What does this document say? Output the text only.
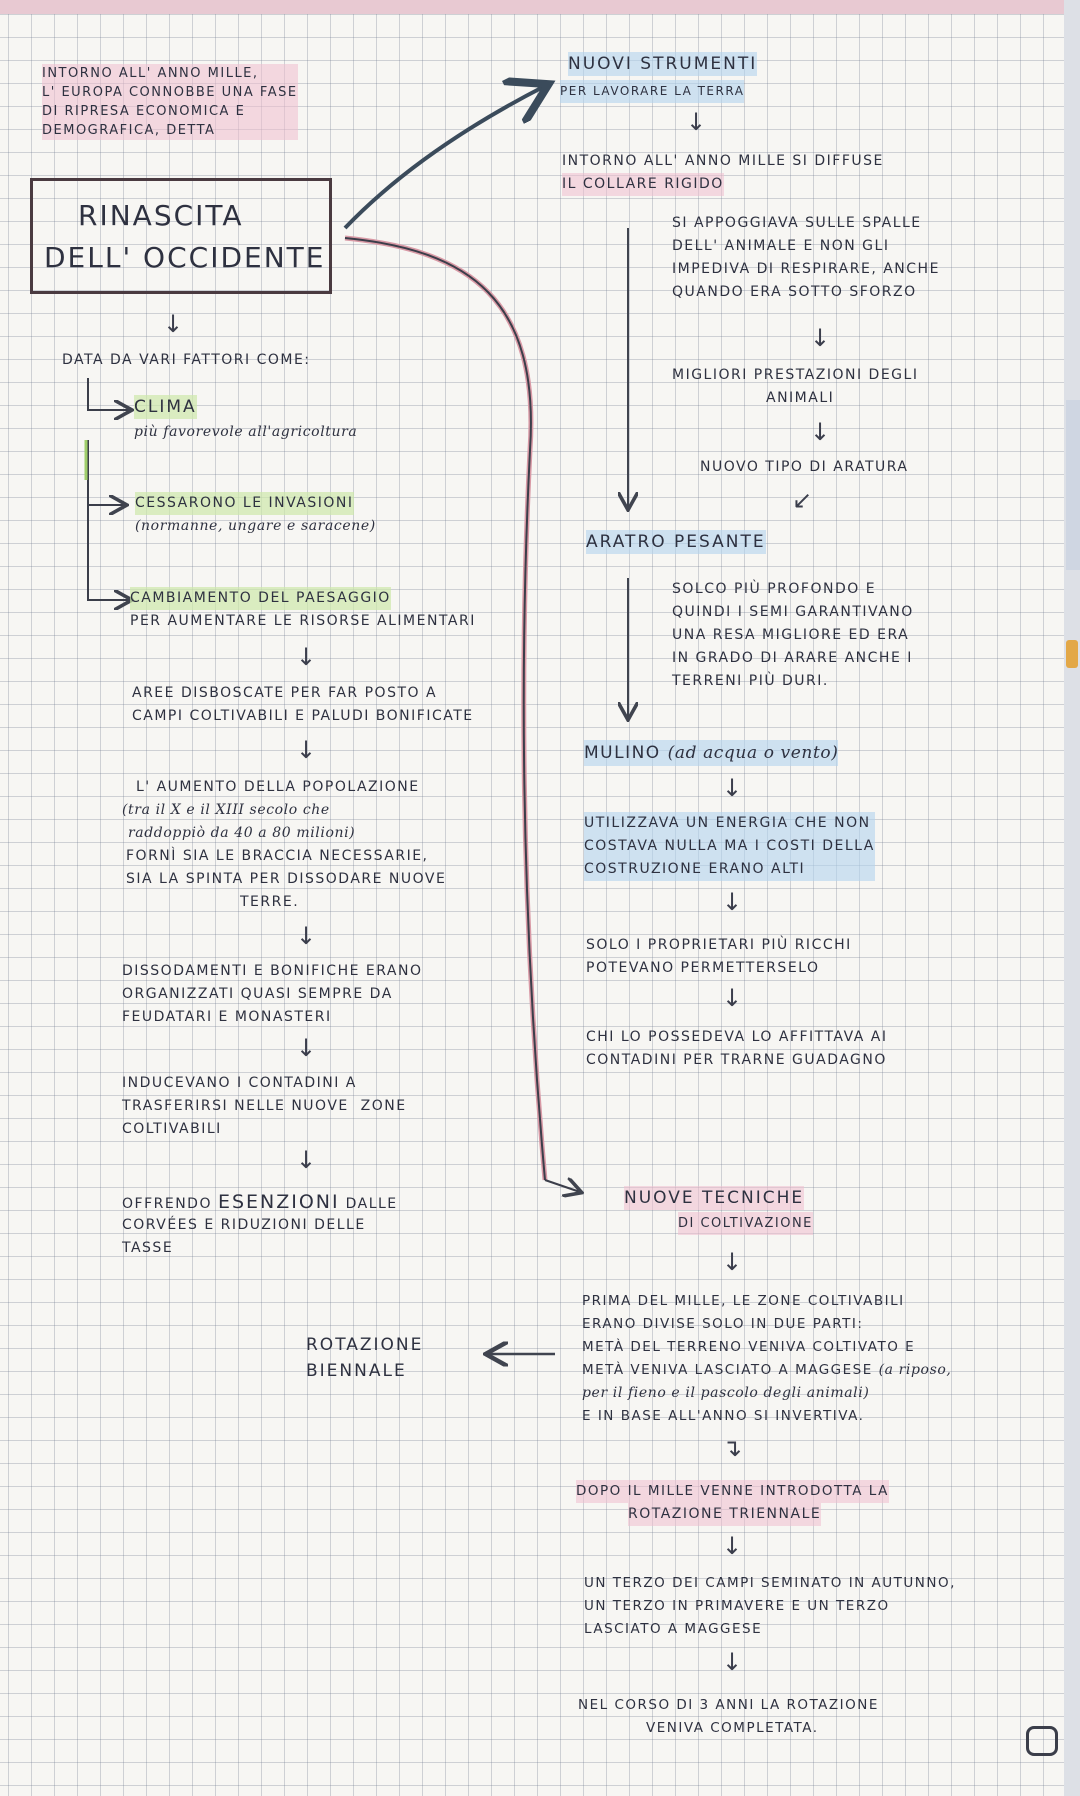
INTORNO ALL' ANNO MILLE,
L' EUROPA CONNOBBE UNA FASE
DI RIPRESA ECONOMICA E
DEMOGRAFICA, DETTA
RINASCITA
DELL' OCCIDENTE
↓
DATA DA VARI FATTORI COME:
CLIMA
più favorevole all'agricoltura
CESSARONO LE INVASIONI
(normanne, ungare e saracene)
CAMBIAMENTO DEL PAESAGGIO
PER AUMENTARE LE RISORSE ALIMENTARI
↓
AREE DISBOSCATE PER FAR POSTO A
CAMPI COLTIVABILI E PALUDI BONIFICATE
↓
L' AUMENTO DELLA POPOLAZIONE
(tra il X e il XIII secolo che
raddoppiò da 40 a 80 milioni)
FORNÌ SIA LE BRACCIA NECESSARIE,
SIA LA SPINTA PER DISSODARE NUOVE
TERRE.
↓
DISSODAMENTI E BONIFICHE ERANO
ORGANIZZATI QUASI SEMPRE DA
FEUDATARI E MONASTERI
↓
INDUCEVANO I CONTADINI A
TRASFERIRSI NELLE NUOVE  ZONE
COLTIVABILI
↓
OFFRENDO ESENZIONI DALLE
CORVÉES E RIDUZIONI DELLE
TASSE
ROTAZIONE
BIENNALE
NUOVI STRUMENTI
PER LAVORARE LA TERRA
↓
INTORNO ALL' ANNO MILLE SI DIFFUSE
IL COLLARE RIGIDO
SI APPOGGIAVA SULLE SPALLE
DELL' ANIMALE E NON GLI
IMPEDIVA DI RESPIRARE, ANCHE
QUANDO ERA SOTTO SFORZO
↓
MIGLIORI PRESTAZIONI DEGLI
ANIMALI
↓
NUOVO TIPO DI ARATURA
↙
ARATRO PESANTE
SOLCO PIÙ PROFONDO E
QUINDI I SEMI GARANTIVANO
UNA RESA MIGLIORE ED ERA
IN GRADO DI ARARE ANCHE I
TERRENI PIÙ DURI.
MULINO (ad acqua o vento)
↓
UTILIZZAVA UN ENERGIA CHE NON
COSTAVA NULLA MA I COSTI DELLA
COSTRUZIONE ERANO ALTI
↓
SOLO I PROPRIETARI PIÙ RICCHI
POTEVANO PERMETTERSELO
↓
CHI LO POSSEDEVA LO AFFITTAVA AI
CONTADINI PER TRARNE GUADAGNO
NUOVE TECNICHE
DI COLTIVAZIONE
↓
PRIMA DEL MILLE, LE ZONE COLTIVABILI
ERANO DIVISE SOLO IN DUE PARTI:
METÀ DEL TERRENO VENIVA COLTIVATO E
METÀ VENIVA LASCIATO A MAGGESE (a riposo,
per il fieno e il pascolo degli animali)
E IN BASE ALL'ANNO SI INVERTIVA.
↴
DOPO IL MILLE VENNE INTRODOTTA LA
ROTAZIONE TRIENNALE
↓
UN TERZO DEI CAMPI SEMINATO IN AUTUNNO,
UN TERZO IN PRIMAVERE E UN TERZO
LASCIATO A MAGGESE
↓
NEL CORSO DI 3 ANNI LA ROTAZIONE
VENIVA COMPLETATA.
